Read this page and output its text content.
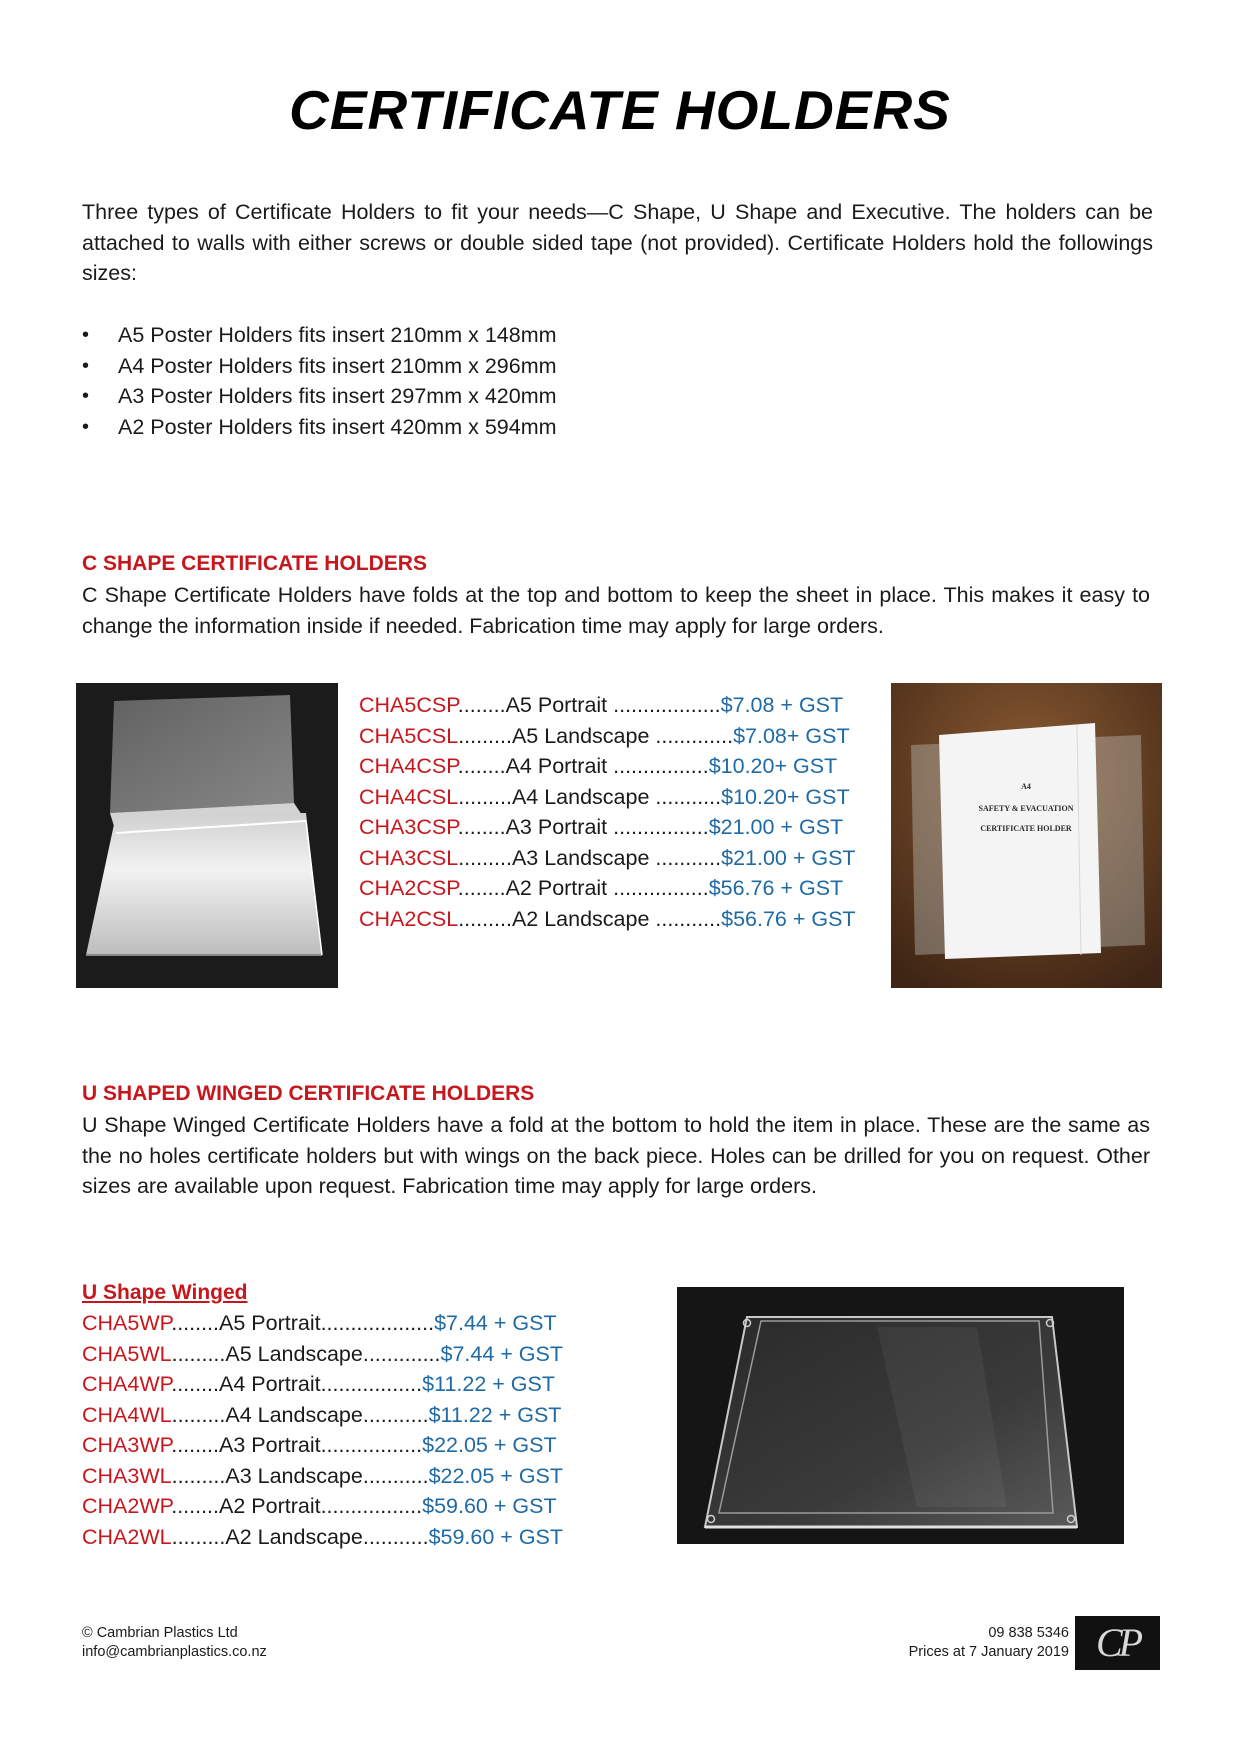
CERTIFICATE HOLDERS
Three types of Certificate Holders to fit your needs—C Shape, U Shape and Executive. The holders can be attached to walls with either screws or double sided tape (not provided). Certificate Holders hold the followings sizes:
• A5 Poster Holders fits insert 210mm x 148mm
• A4 Poster Holders fits insert 210mm x 296mm
• A3 Poster Holders fits insert 297mm x 420mm
• A2 Poster Holders fits insert 420mm x 594mm
C SHAPE CERTIFICATE HOLDERS
C Shape Certificate Holders have folds at the top and bottom to keep the sheet in place. This makes it easy to change the information inside if needed. Fabrication time may apply for large orders.
CHA5CSP........A5 Portrait ..................$7.08 + GST
CHA5CSL.........A5 Landscape .............$7.08+ GST
CHA4CSP........A4 Portrait ................$10.20+ GST
CHA4CSL.........A4 Landscape ...........$10.20+ GST
CHA3CSP........A3 Portrait ................$21.00 + GST
CHA3CSL.........A3 Landscape ...........$21.00 + GST
CHA2CSP........A2 Portrait ................$56.76 + GST
CHA2CSL.........A2 Landscape ...........$56.76 + GST
A4
SAFETY & EVACUATION
CERTIFICATE HOLDER
U SHAPED WINGED CERTIFICATE HOLDERS
U Shape Winged Certificate Holders have a fold at the bottom to hold the item in place. These are the same as the no holes certificate holders but with wings on the back piece. Holes can be drilled for you on request. Other sizes are available upon request. Fabrication time may apply for large orders.
U Shape Winged
CHA5WP........A5 Portrait...................$7.44 + GST
CHA5WL.........A5 Landscape.............$7.44 + GST
CHA4WP........A4 Portrait.................$11.22 + GST
CHA4WL.........A4 Landscape...........$11.22 + GST
CHA3WP........A3 Portrait.................$22.05 + GST
CHA3WL.........A3 Landscape...........$22.05 + GST
CHA2WP........A2 Portrait.................$59.60 + GST
CHA2WL.........A2 Landscape...........$59.60 + GST
© Cambrian Plastics Ltd
info@cambrianplastics.co.nz
09 838 5346
Prices at 7 January 2019 CP
